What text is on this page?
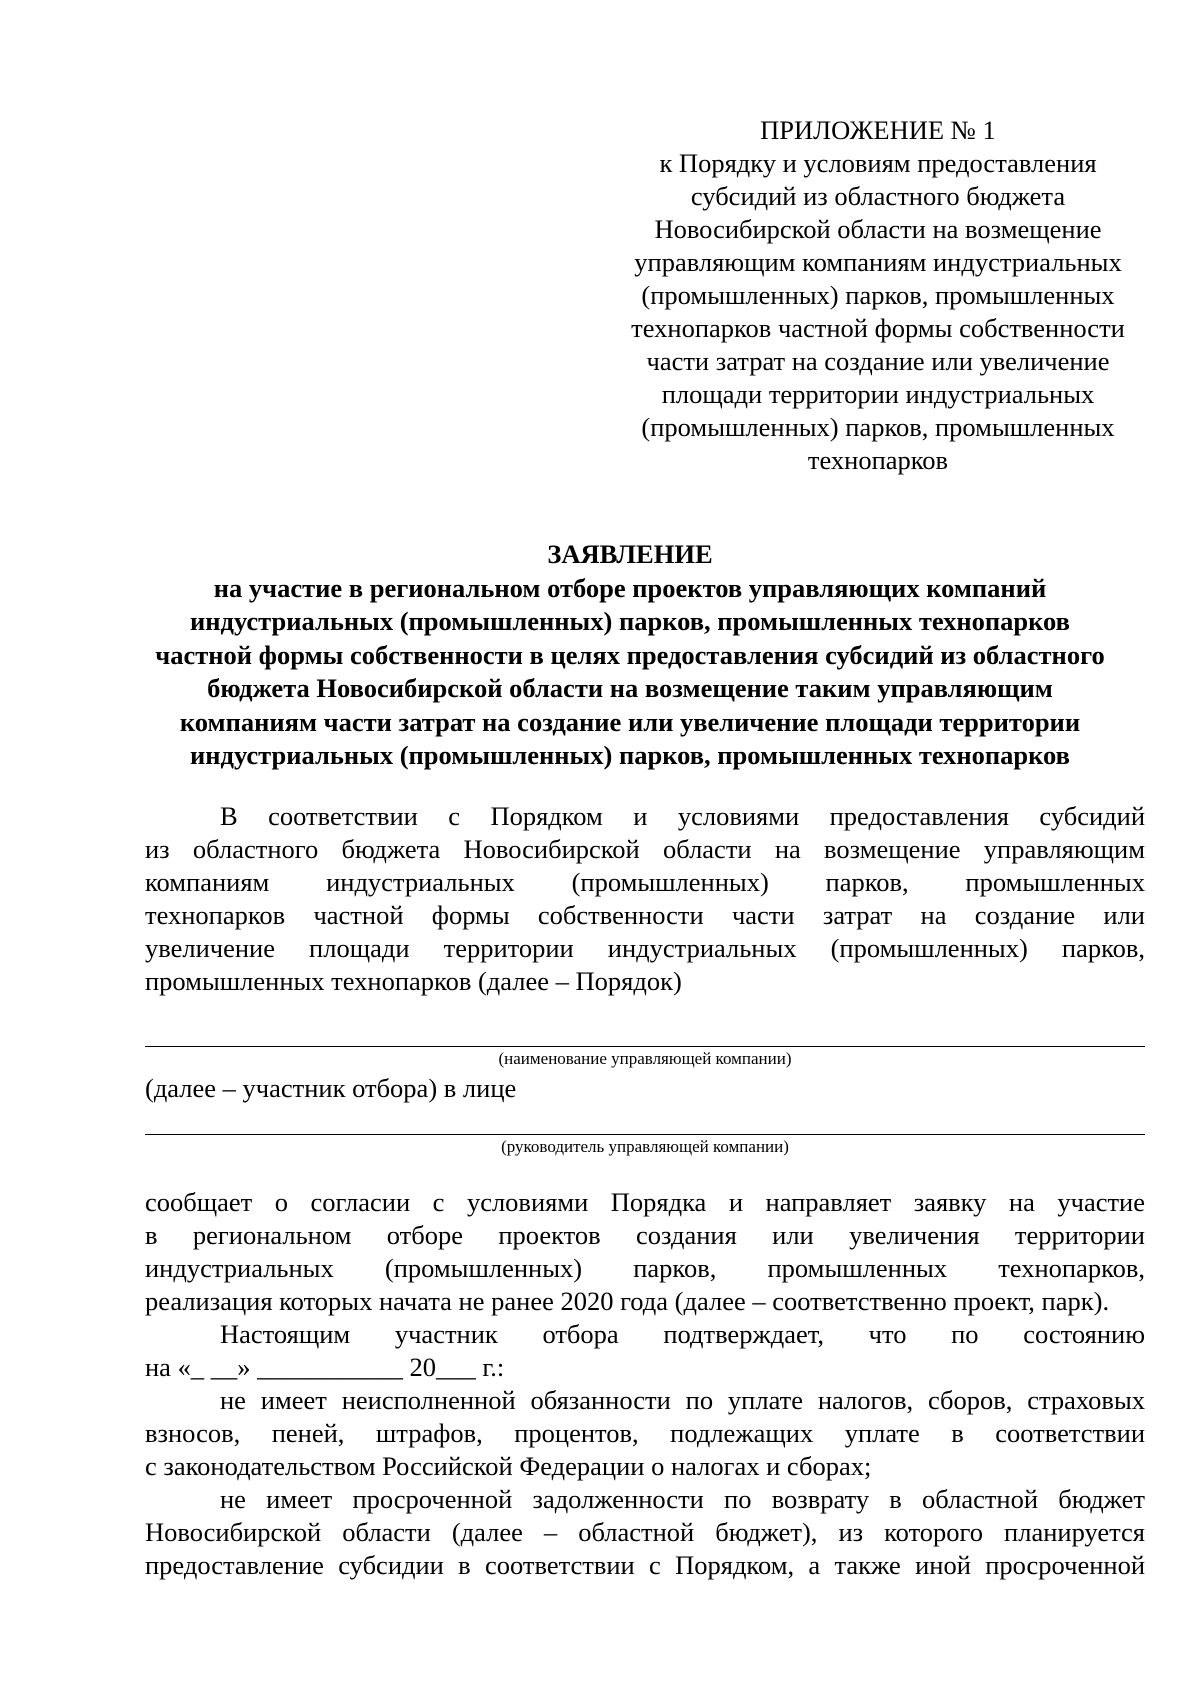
ПРИЛОЖЕНИЕ № 1
к Порядку и условиям предоставления
субсидий из областного бюджета
Новосибирской области на возмещение
управляющим компаниям индустриальных
(промышленных) парков, промышленных
технопарков частной формы собственности
части затрат на создание или увеличение
площади территории индустриальных
(промышленных) парков, промышленных
технопарков
ЗАЯВЛЕНИЕ
на участие в региональном отборе проектов управляющих компаний
индустриальных (промышленных) парков, промышленных технопарков
частной формы собственности в целях предоставления субсидий из областного
бюджета Новосибирской области на возмещение таким управляющим
компаниям части затрат на создание или увеличение площади территории
индустриальных (промышленных) парков, промышленных технопарков
В соответствии с Порядком и условиями предоставления субсидий
из областного бюджета Новосибирской области на возмещение управляющим
компаниям индустриальных (промышленных) парков, промышленных
технопарков частной формы собственности части затрат на создание или
увеличение площади территории индустриальных (промышленных) парков,
промышленных технопарков (далее – Порядок)
(наименование управляющей компании)
(далее – участник отбора) в лице
(руководитель управляющей компании)
сообщает о согласии с условиями Порядка и направляет заявку на участие
в региональном отборе проектов создания или увеличения территории
индустриальных (промышленных) парков, промышленных технопарков,
реализация которых начата не ранее 2020 года (далее – соответственно проект, парк).
Настоящим участник отбора подтверждает, что по состоянию
на «_ __» ___________ 20___ г.:
не имеет неисполненной обязанности по уплате налогов, сборов, страховых
взносов, пеней, штрафов, процентов, подлежащих уплате в соответствии
с законодательством Российской Федерации о налогах и сборах;
не имеет просроченной задолженности по возврату в областной бюджет
Новосибирской области (далее – областной бюджет), из которого планируется
предоставление субсидии в соответствии с Порядком, а также иной просроченной
